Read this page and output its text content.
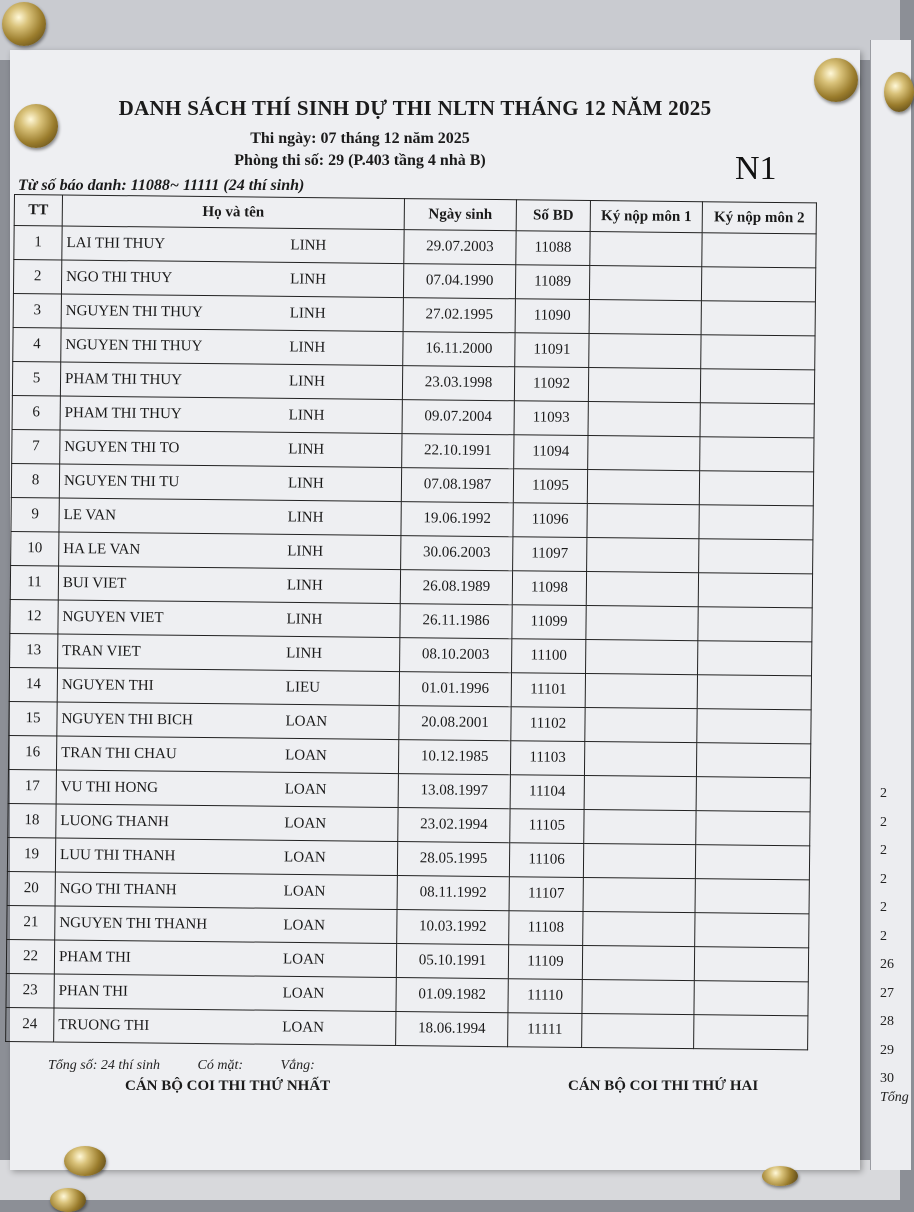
2
2
2
2
2
2
26
27
28
29
30
Tổng
DANH SÁCH THÍ SINH DỰ THI NLTN THÁNG 12 NĂM 2025
Thi ngày: 07 tháng 12 năm 2025
Phòng thi số: 29 (P.403 tầng 4 nhà B)	N1
Từ số báo danh: 11088~ 11111 (24 thí sinh)
TT	Họ và tên	Ngày sinh	Số BD	Ký nộp môn 1	Ký nộp môn 2
1	LAI THI THUY LINH	29.07.2003	11088		
2	NGO THI THUY LINH	07.04.1990	11089		
3	NGUYEN THI THUY LINH	27.02.1995	11090		
4	NGUYEN THI THUY LINH	16.11.2000	11091		
5	PHAM THI THUY LINH	23.03.1998	11092		
6	PHAM THI THUY LINH	09.07.2004	11093		
7	NGUYEN THI TO LINH	22.10.1991	11094		
8	NGUYEN THI TU LINH	07.08.1987	11095		
9	LE VAN LINH	19.06.1992	11096		
10	HA LE VAN LINH	30.06.2003	11097		
11	BUI VIET LINH	26.08.1989	11098		
12	NGUYEN VIET LINH	26.11.1986	11099		
13	TRAN VIET LINH	08.10.2003	11100		
14	NGUYEN THI LIEU	01.01.1996	11101		
15	NGUYEN THI BICH LOAN	20.08.2001	11102		
16	TRAN THI CHAU LOAN	10.12.1985	11103		
17	VU THI HONG LOAN	13.08.1997	11104		
18	LUONG THANH LOAN	23.02.1994	11105		
19	LUU THI THANH LOAN	28.05.1995	11106		
20	NGO THI THANH LOAN	08.11.1992	11107		
21	NGUYEN THI THANH LOAN	10.03.1992	11108		
22	PHAM THI LOAN	05.10.1991	11109		
23	PHAN THI LOAN	01.09.1982	11110		
24	TRUONG THI LOAN	18.06.1994	11111		
Tổng số: 24 thí sinh	Có mặt:	Vắng:
CÁN BỘ COI THI THỨ NHẤT	CÁN BỘ COI THI THỨ HAI
